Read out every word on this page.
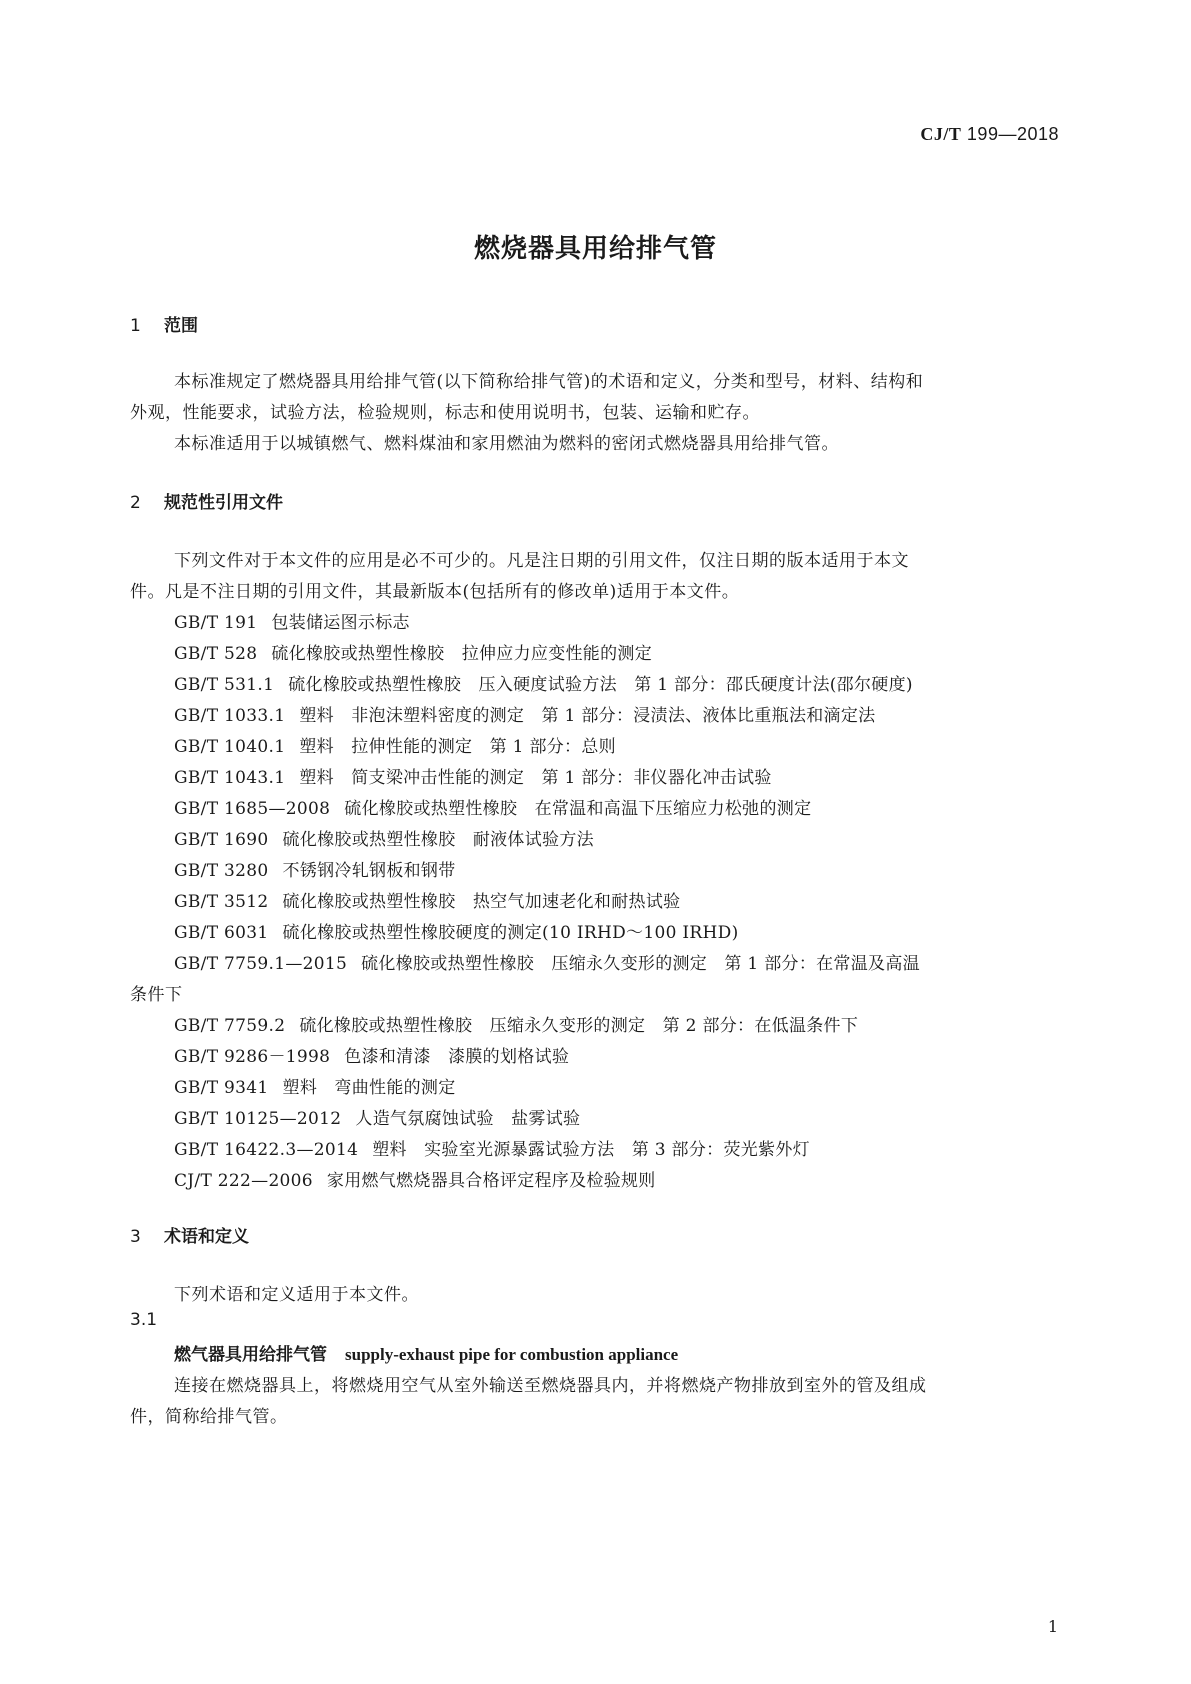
CJ/T 199—2018
燃烧器具用给排气管
1 范围
本标准规定了燃烧器具用给排气管(以下简称给排气管)的术语和定义，分类和型号，材料、结构和
外观，性能要求，试验方法，检验规则，标志和使用说明书，包装、运输和贮存。
本标准适用于以城镇燃气、燃料煤油和家用燃油为燃料的密闭式燃烧器具用给排气管。
2 规范性引用文件
下列文件对于本文件的应用是必不可少的。凡是注日期的引用文件，仅注日期的版本适用于本文
件。凡是不注日期的引用文件，其最新版本(包括所有的修改单)适用于本文件。
GB/T 191 包装储运图示标志
GB/T 528 硫化橡胶或热塑性橡胶　拉伸应力应变性能的测定
GB/T 531.1 硫化橡胶或热塑性橡胶　压入硬度试验方法　第 1 部分：邵氏硬度计法(邵尔硬度)
GB/T 1033.1 塑料　非泡沫塑料密度的测定　第 1 部分：浸渍法、液体比重瓶法和滴定法
GB/T 1040.1 塑料　拉伸性能的测定　第 1 部分：总则
GB/T 1043.1 塑料　简支梁冲击性能的测定　第 1 部分：非仪器化冲击试验
GB/T 1685—2008 硫化橡胶或热塑性橡胶　在常温和高温下压缩应力松弛的测定
GB/T 1690 硫化橡胶或热塑性橡胶　耐液体试验方法
GB/T 3280 不锈钢冷轧钢板和钢带
GB/T 3512 硫化橡胶或热塑性橡胶　热空气加速老化和耐热试验
GB/T 6031 硫化橡胶或热塑性橡胶硬度的测定(10 IRHD～100 IRHD)
GB/T 7759.1—2015 硫化橡胶或热塑性橡胶　压缩永久变形的测定　第 1 部分：在常温及高温
条件下
GB/T 7759.2 硫化橡胶或热塑性橡胶　压缩永久变形的测定　第 2 部分：在低温条件下
GB/T 9286－1998 色漆和清漆　漆膜的划格试验
GB/T 9341 塑料　弯曲性能的测定
GB/T 10125—2012 人造气氛腐蚀试验　盐雾试验
GB/T 16422.3—2014 塑料　实验室光源暴露试验方法　第 3 部分：荧光紫外灯
CJ/T 222—2006 家用燃气燃烧器具合格评定程序及检验规则
3 术语和定义
下列术语和定义适用于本文件。
3.1
燃气器具用给排气管 supply-exhaust pipe for combustion appliance
连接在燃烧器具上，将燃烧用空气从室外输送至燃烧器具内，并将燃烧产物排放到室外的管及组成
件，简称给排气管。
1
